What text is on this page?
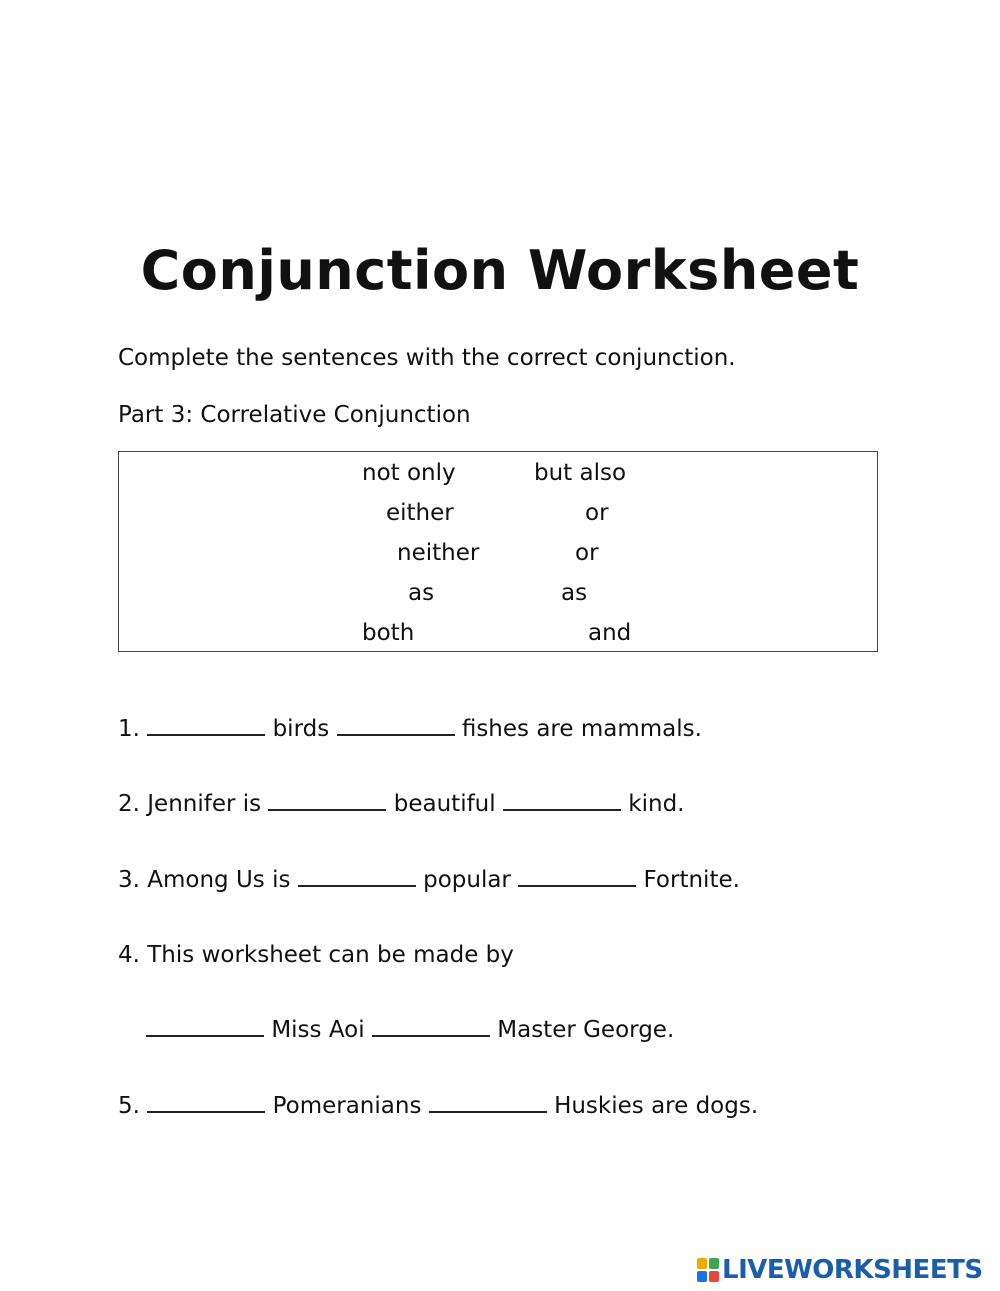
Conjunction Worksheet

Complete the sentences with the correct conjunction.

Part 3: Correlative Conjunction

not only	but also
either	or
neither	or
as	as
both	and

1.	birds	fishes are mammals.

2. Jennifer is	beautiful	kind.

3. Among Us is	popular	Fortnite.

4. This worksheet can be made by

Miss Aoi	Master George.

5.	Pomeranians	Huskies are dogs.

LIVEWORKSHEETS
